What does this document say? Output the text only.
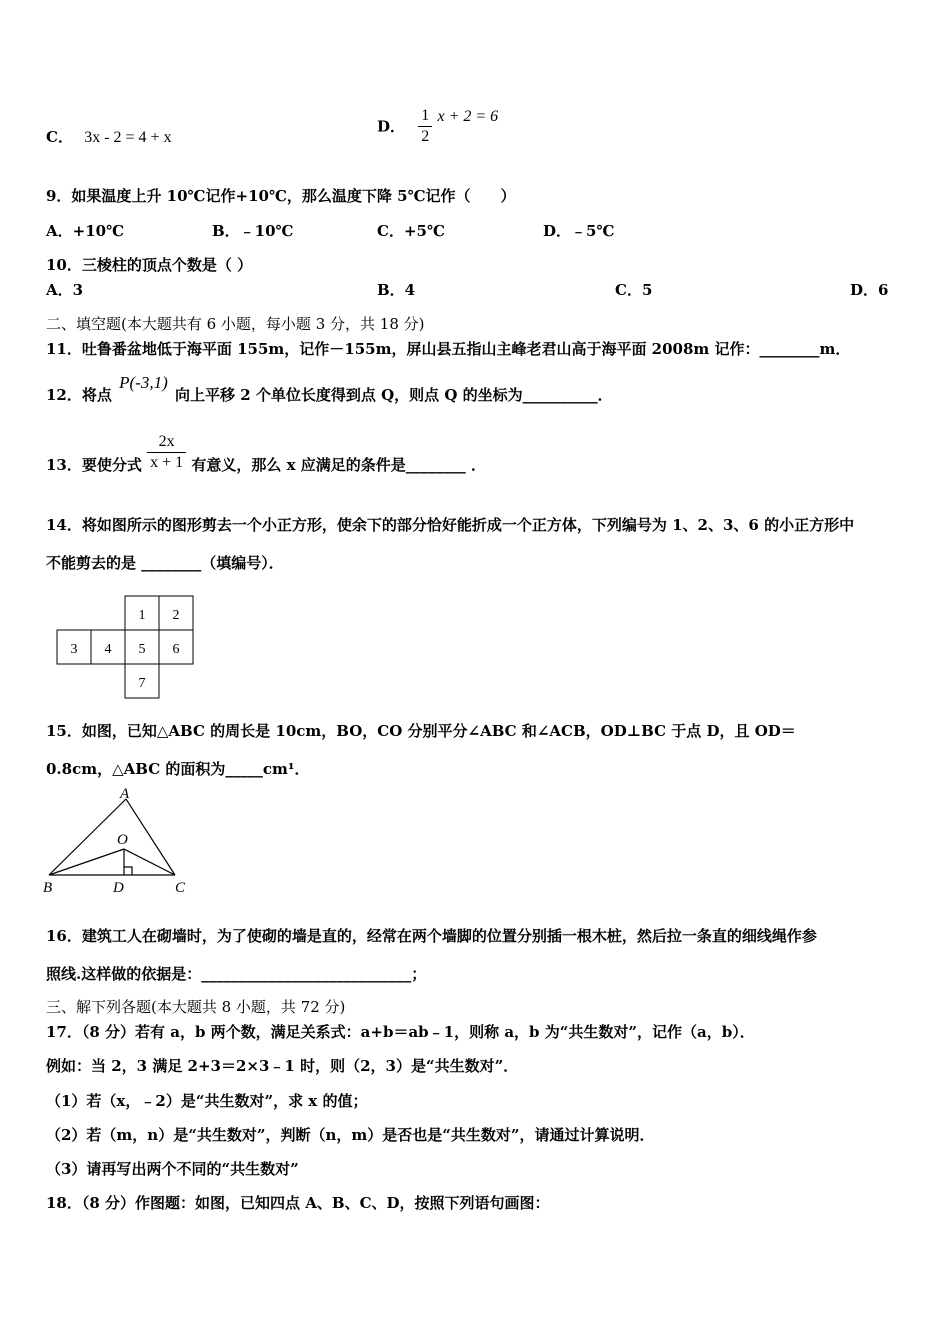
C． 3x - 2 = 4 + x
D． $\frac{1}{2}$ x + 2 = 6
9．如果温度上升 10℃记作+10℃，那么温度下降 5℃记作（　　）
A．+10℃	B．﹣10℃	C．+5℃	D．﹣5℃
10．三棱柱的顶点个数是（ ）
A．3	B．4	C．5	D．6
二、填空题(本大题共有 6 小题，每小题 3 分，共 18 分)
11．吐鲁番盆地低于海平面 155m，记作－155m，屏山县五指山主峰老君山高于海平面 2008m 记作：________m．
12．将点 P(-3,1) 向上平移 2 个单位长度得到点 Q，则点 Q 的坐标为__________．
13．要使分式 $\frac{2x}{x + 1}$ 有意义，那么 x 应满足的条件是________ ．
14．将如图所示的图形剪去一个小正方形，使余下的部分恰好能折成一个正方体，下列编号为 1、2、3、6 的小正方形中
不能剪去的是 ________（填编号）．
1 2
3 4 5 6
7
15．如图，已知△ABC 的周长是 10cm，BO，CO 分别平分∠ABC 和∠ACB，OD⊥BC 于点 D，且 OD＝
0.8cm，△ABC 的面积为_____cm¹．
A
O
B	D	C
16．建筑工人在砌墙时，为了使砌的墙是直的，经常在两个墙脚的位置分别插一根木桩，然后拉一条直的细线绳作参
照线.这样做的依据是：____________________________；
三、解下列各题(本大题共 8 小题，共 72 分)
17．（8 分）若有 a，b 两个数，满足关系式：a+b＝ab﹣1，则称 a，b 为“共生数对”，记作（a，b）．
例如：当 2，3 满足 2+3＝2×3﹣1 时，则（2，3）是“共生数对”．
（1）若（x，﹣2）是“共生数对”，求 x 的值；
（2）若（m，n）是“共生数对”，判断（n，m）是否也是“共生数对”，请通过计算说明．
（3）请再写出两个不同的“共生数对”
18．（8 分）作图题：如图，已知四点 A、B、C、D，按照下列语句画图：
